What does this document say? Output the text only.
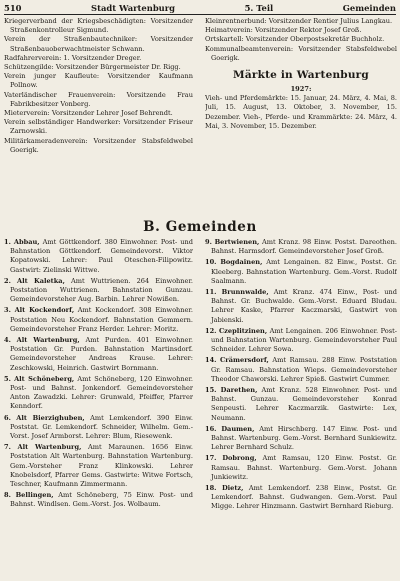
510	Stadt Wartenburg	5. Teil	Gemeinden

Kriegerverband der Kriegsbeschädigten: Vorsitzender Straßenkontrolleur Sigmund.

Verein der Straßenbautechniker: Vorsitzender Straßenbauoberwachtmeister Schwann.

Radfahrerverein: 1. Vorsitzender Dreger.

Schützengilde: Vorsitzender Bürgermeister Dr. Rigg.

Verein junger Kaufleute: Vorsitzender Kaufmann Pollnow.

Vaterländischer Frauenverein: Vorsitzende Frau Fabrikbesitzer Vonberg.

Mieterverein: Vorsitzender Lehrer Josef Behrendt.

Verein selbständiger Handwerker: Vorsitzender Friseur Zarnowski.

Militärkameradenverein: Vorsitzender Stabsfeldwebel Goerigk.

Kleinrentnerbund: Vorsitzender Rentier Julius Langkau.

Heimatverein: Vorsitzender Rektor Josef Groß.

Ortskartell: Vorsitzender Oberpostsekretär Buchholz.

Kommunalbeamtenverein: Vorsitzender Stabsfeldwebel Goerigk.

Märkte in Wartenburg
1927:

Vieh- und Pferdemärkte: 15. Januar, 24. März, 4. Mai, 8. Juli, 15. August, 13. Oktober, 3. November, 15. Dezember. Vieh-, Pferde- und Krammärkte: 24. März, 4. Mai, 3. November, 15. Dezember.

B. Gemeinden

1. Abbau, Amt Göttkendorf. 380 Einwohner. Post- und Bahnstation Göttkendorf. Gemeindevorst. Viktor Kopatowski. Lehrer: Paul Oteschen-Filipowitz. Gastwirt: Zielinski Wittwe.

2. Alt Kaletka, Amt Wuttrienen. 264 Einwohner. Poststation Wuttrienen. Bahnstation Gunzau. Gemeindevorsteher Aug. Barbin. Lehrer Nowißen.

3. Alt Kockendorf, Amt Kockendorf. 308 Einwohner. Poststation Neu Kockendorf. Bahnstation Gemmern. Gemeindevorsteher Franz Herder. Lehrer: Moritz.

4. Alt Wartenburg, Amt Purden. 401 Einwohner. Poststation Gr. Purden. Bahnstation Martinsdorf. Gemeindevorsteher Andreas Krause. Lehrer: Zeschkowski, Heinrich. Gastwirt Bornmann.

5. Alt Schöneberg, Amt Schöneberg, 120 Einwohner. Post- und Bahnst. Jonkendorf. Gemeindevorsteher Anton Zawadzki. Lehrer: Grunwald, Pfeiffer, Pfarrer Kenndorf.

6. Alt Bierzighuben, Amt Lemkendorf. 390 Einw. Poststat. Gr. Lemkendorf. Schneider, Wilhelm. Gem.-Vorst. Josef Armborst. Lehrer: Blum, Riesewenk.

7. Alt Wartenburg, Amt Maraunen. 1656 Einw. Poststation Alt Wartenburg. Bahnstation Wartenburg. Gem.-Vorsteher Franz Klinkowski. Lehrer Knobelsdorf, Pfarrer Gems. Gastwirte: Witwe Fortsch, Teschner, Kaufmann Zimmermann.

8. Bellingen, Amt Schöneberg, 75 Einw. Post- und Bahnst. Windlsen. Gem.-Vorst. Jos. Wolbaum.

9. Bertwienen, Amt Kranz. 98 Einw. Postst. Dareothen. Bahnst. Harmsdorf. Gemeindevorsteher Josef Groß.

10. Bogdainen, Amt Lengainen. 82 Einw., Postst. Gr. Kleeberg. Bahnstation Wartenburg. Gem.-Vorst. Rudolf Saalmann.

11. Brunnwalde, Amt Kranz. 474 Einw., Post- und Bahnst. Gr. Buchwalde. Gem.-Vorst. Eduard Bludau. Lehrer Kaske, Pfarrer Kaczmarski, Gastwirt von Jabienski.

12. Czeplitzinen, Amt Lengainen. 206 Einwohner. Post- und Bahnstation Wartenburg. Gemeindevorsteher Paul Schneider. Lehrer Sowa.

14. Crämersdorf, Amt Ramsau. 288 Einw. Poststation Gr. Ramsau. Bahnstation Wieps. Gemeindevorsteher Theodor Chaworski. Lehrer Spieß. Gastwirt Cummer.

15. Darethen, Amt Kranz. 528 Einwohner. Post- und Bahnst. Gunzau. Gemeindevorsteher Konrad Senpeusti. Lehrer Kaczmarzik. Gastwirte: Lex, Neumann.

16. Daumen, Amt Hirschberg. 147 Einw. Post- und Bahnst. Wartenburg. Gem.-Vorst. Bernhard Sunkiewitz. Lehrer Bernhard Schulz.

17. Dobrong, Amt Ramsau, 120 Einw. Postst. Gr. Ramsau. Bahnst. Wartenburg. Gem.-Vorst. Johann Junkiewitz.

18. Dietz, Amt Lemkendorf. 238 Einw., Postst. Gr. Lemkendorf. Bahnst. Gudwangen. Gem.-Vorst. Paul Migge. Lehrer Hinzmann. Gastwirt Bernhard Rieburg.
